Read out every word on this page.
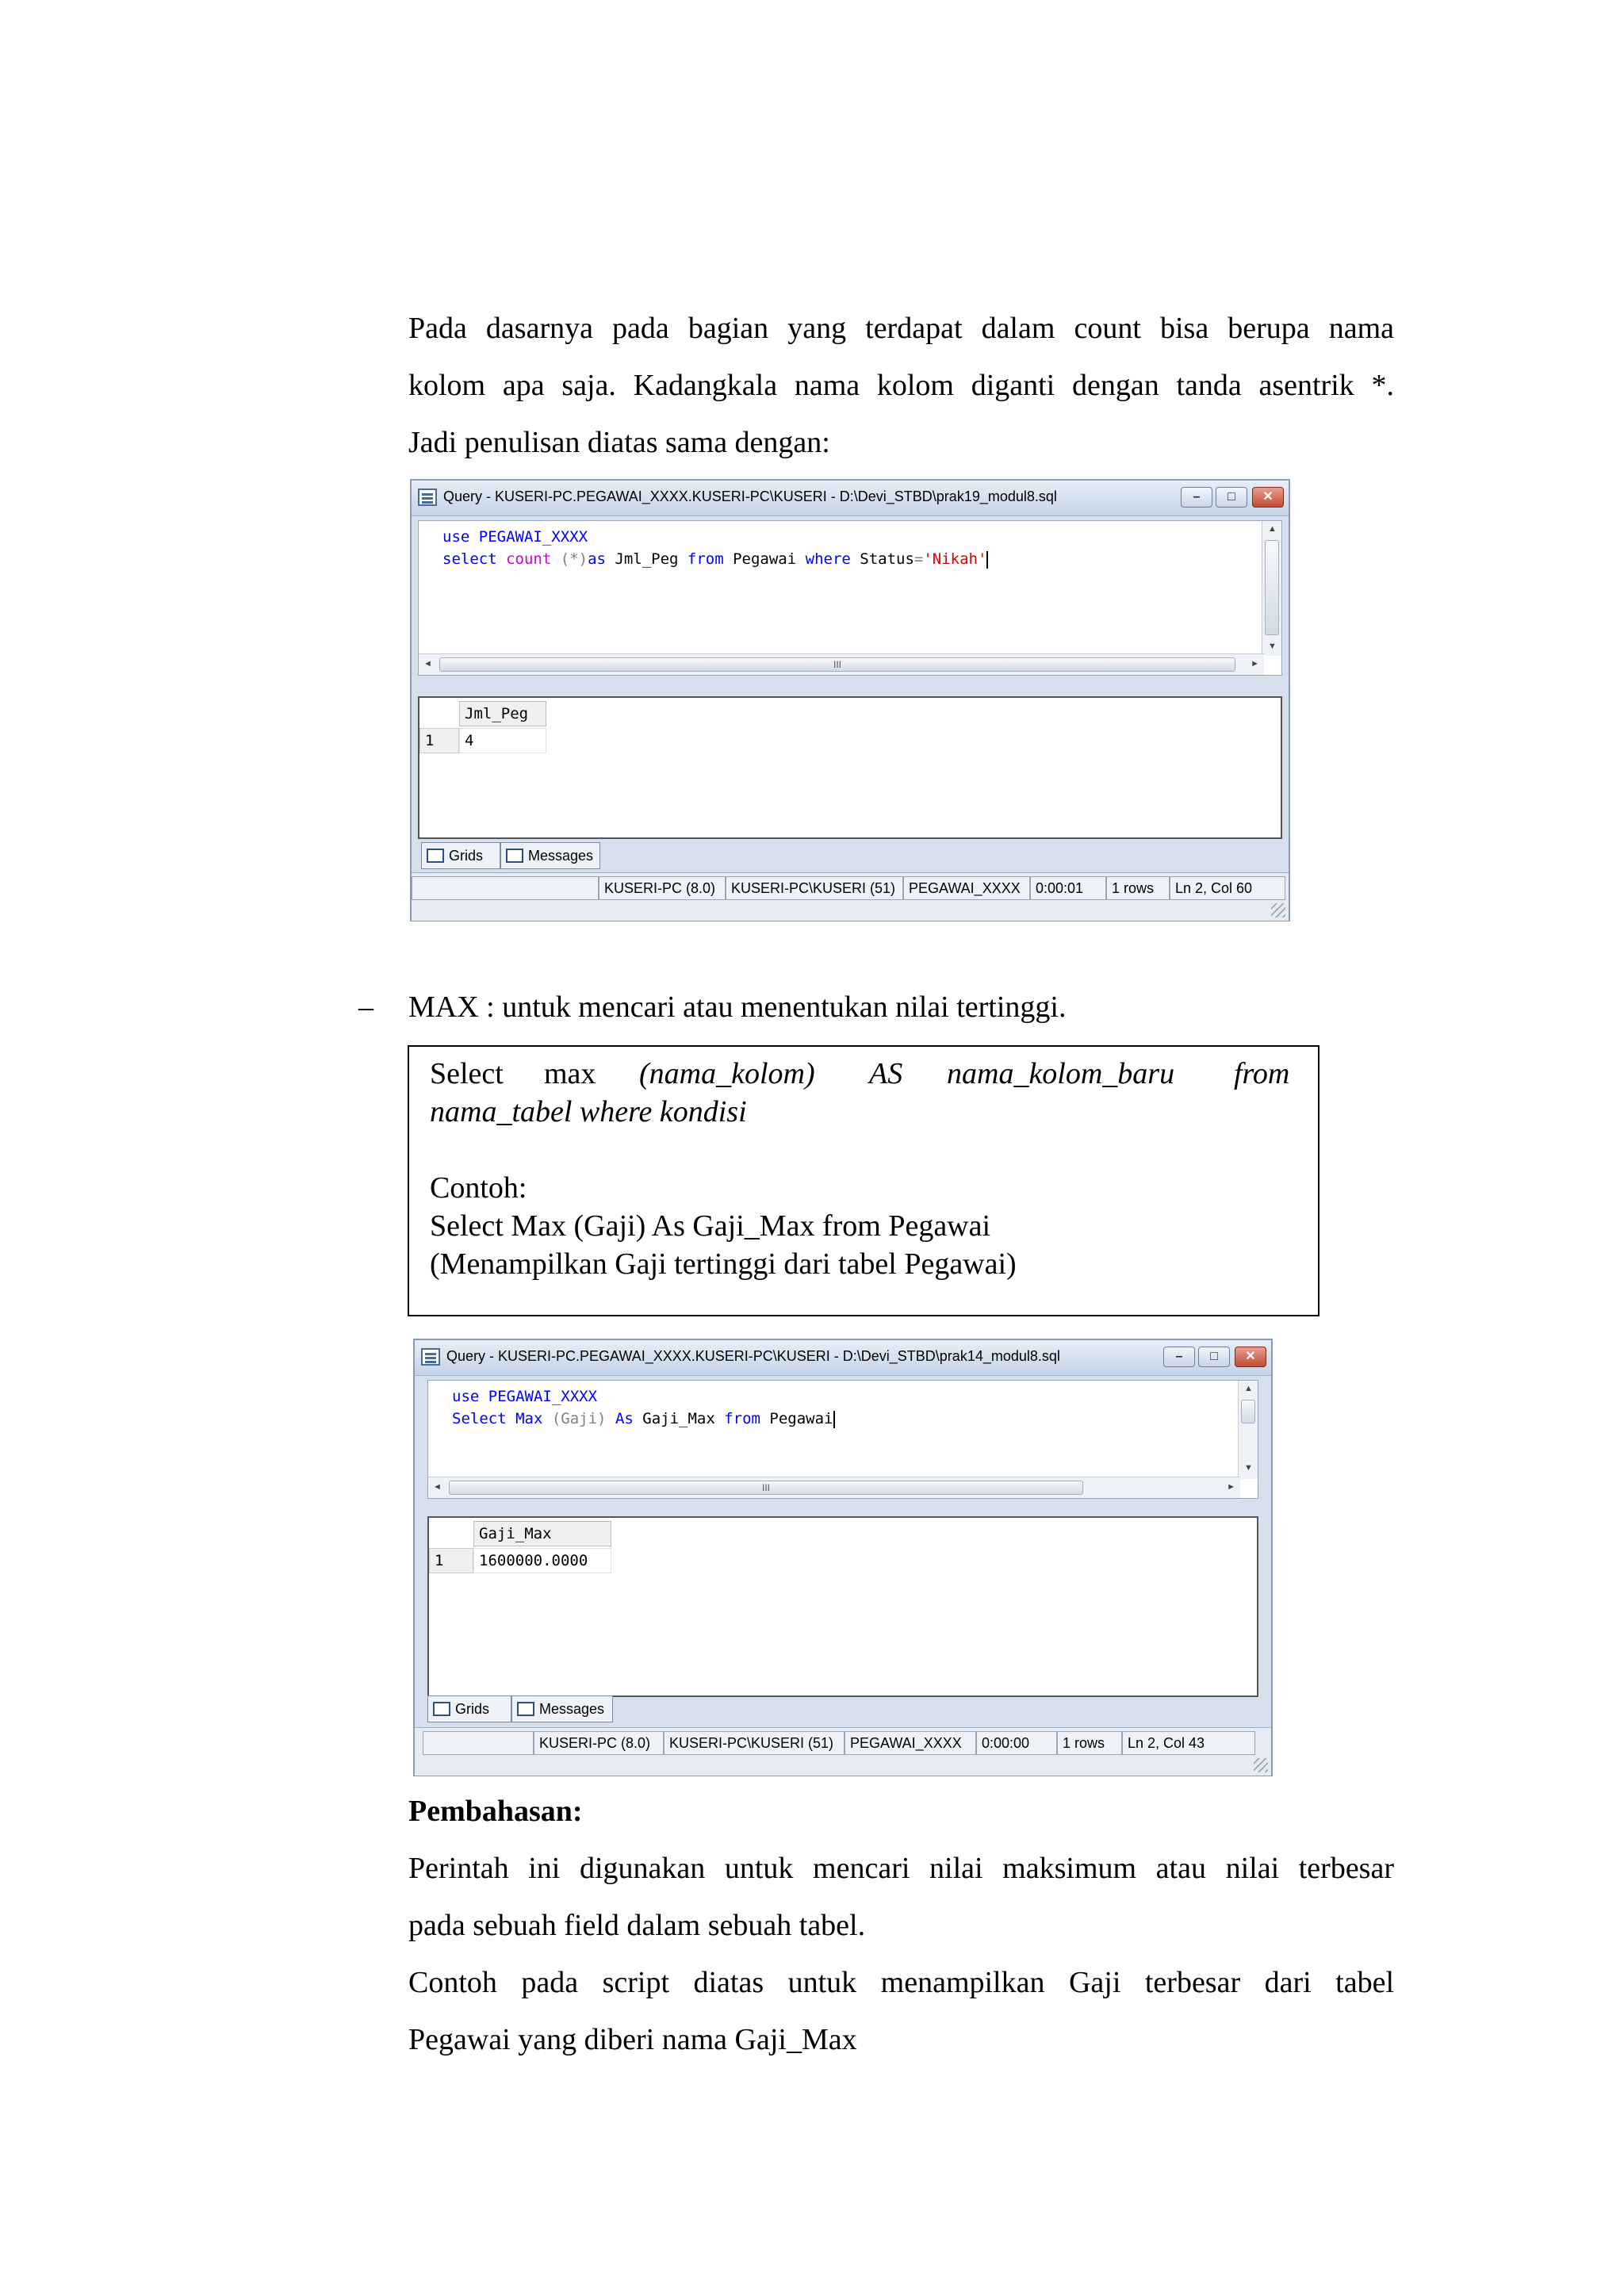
Pada dasarnya pada bagian yang terdapat dalam count bisa berupa nama

kolom apa saja. Kadangkala nama kolom diganti dengan tanda asentrik *.

Jadi penulisan diatas sama dengan:

Query - KUSERI-PC.PEGAWAI_XXXX.KUSERI-PC\KUSERI - D:\Devi_STBD\prak19_modul8.sql	–	□	✕
use PEGAWAI_XXXX
select count (*)as Jml_Peg from Pegawai where Status='Nikah'
▲
▼
◄	III	►
Jml_Peg
1	4
Grids	Messages
KUSERI-PC (8.0)	KUSERI-PC\KUSERI (51) PEGAWAI_XXXX	0:00:01	1 rows	Ln 2, Col 60
– MAX : untuk mencari atau menentukan nilai tertinggi.
Select max (nama_kolom) AS nama_kolom_baru from
nama_tabel where kondisi
Contoh:
Select Max (Gaji) As Gaji_Max from Pegawai
(Menampilkan Gaji tertinggi dari tabel Pegawai)
Query - KUSERI-PC.PEGAWAI_XXXX.KUSERI-PC\KUSERI - D:\Devi_STBD\prak14_modul8.sql	–	□	✕
use PEGAWAI_XXXX
Select Max (Gaji) As Gaji_Max from Pegawai
▲
▼
◄	III	►
Gaji_Max
1	1600000.0000
Grids	Messages
KUSERI-PC (8.0)	KUSERI-PC\KUSERI (51)	PEGAWAI_XXXX	0:00:00	1 rows	Ln 2, Col 43
Pembahasan:

Perintah ini digunakan untuk mencari nilai maksimum atau nilai terbesar

pada sebuah field dalam sebuah tabel.

Contoh pada script diatas untuk menampilkan Gaji terbesar dari tabel

Pegawai yang diberi nama Gaji_Max
